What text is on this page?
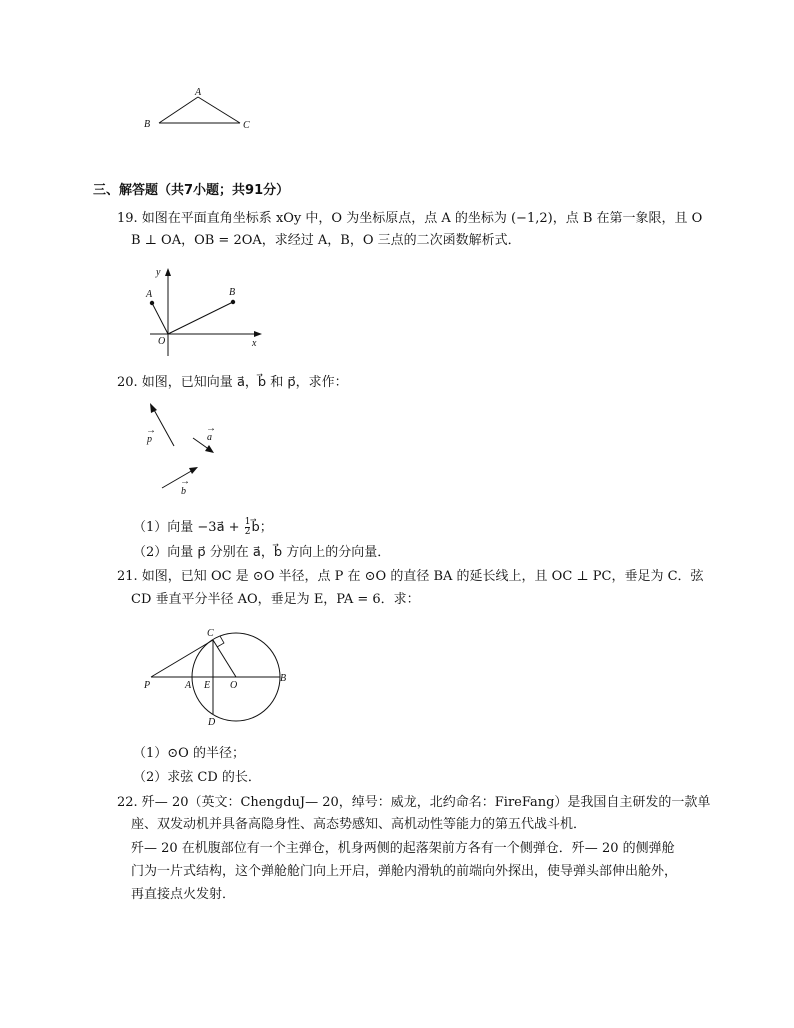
A
B	C
三、解答题（共7小题；共91分）
19. 如图在平面直角坐标系 xOy 中，O 为坐标原点，点 A 的坐标为 (−1,2)，点 B 在第一象限，且 O
B ⊥ OA，OB = 2OA，求经过 A，B，O 三点的二次函数解析式．
y
A	B
O	x
20. 如图，已知向量 a⃗，b⃗ 和 p⃗，求作：
p
→
a
→
b
→
（1）向量 −3a⃗ + $\frac{1}{2}$ b⃗；
（2）向量 p⃗ 分别在 a⃗，b⃗ 方向上的分向量．
21. 如图，已知 OC 是 ⊙O 半径，点 P 在 ⊙O 的直径 BA 的延长线上，且 OC ⊥ PC，垂足为 C．弦
CD 垂直平分半径 AO，垂足为 E，PA = 6．求：
C
P	A E O
B
D
（1）⊙O 的半径；
（2）求弦 CD 的长．
22. 歼— 20（英文：ChengduJ— 20，绰号：威龙，北约命名：FireFang）是我国自主研发的一款单
座、双发动机并具备高隐身性、高态势感知、高机动性等能力的第五代战斗机．
歼— 20 在机腹部位有一个主弹仓，机身两侧的起落架前方各有一个侧弹仓．歼— 20 的侧弹舱
门为一片式结构，这个弹舱舱门向上开启，弹舱内滑轨的前端向外探出，使导弹头部伸出舱外，
再直接点火发射．
